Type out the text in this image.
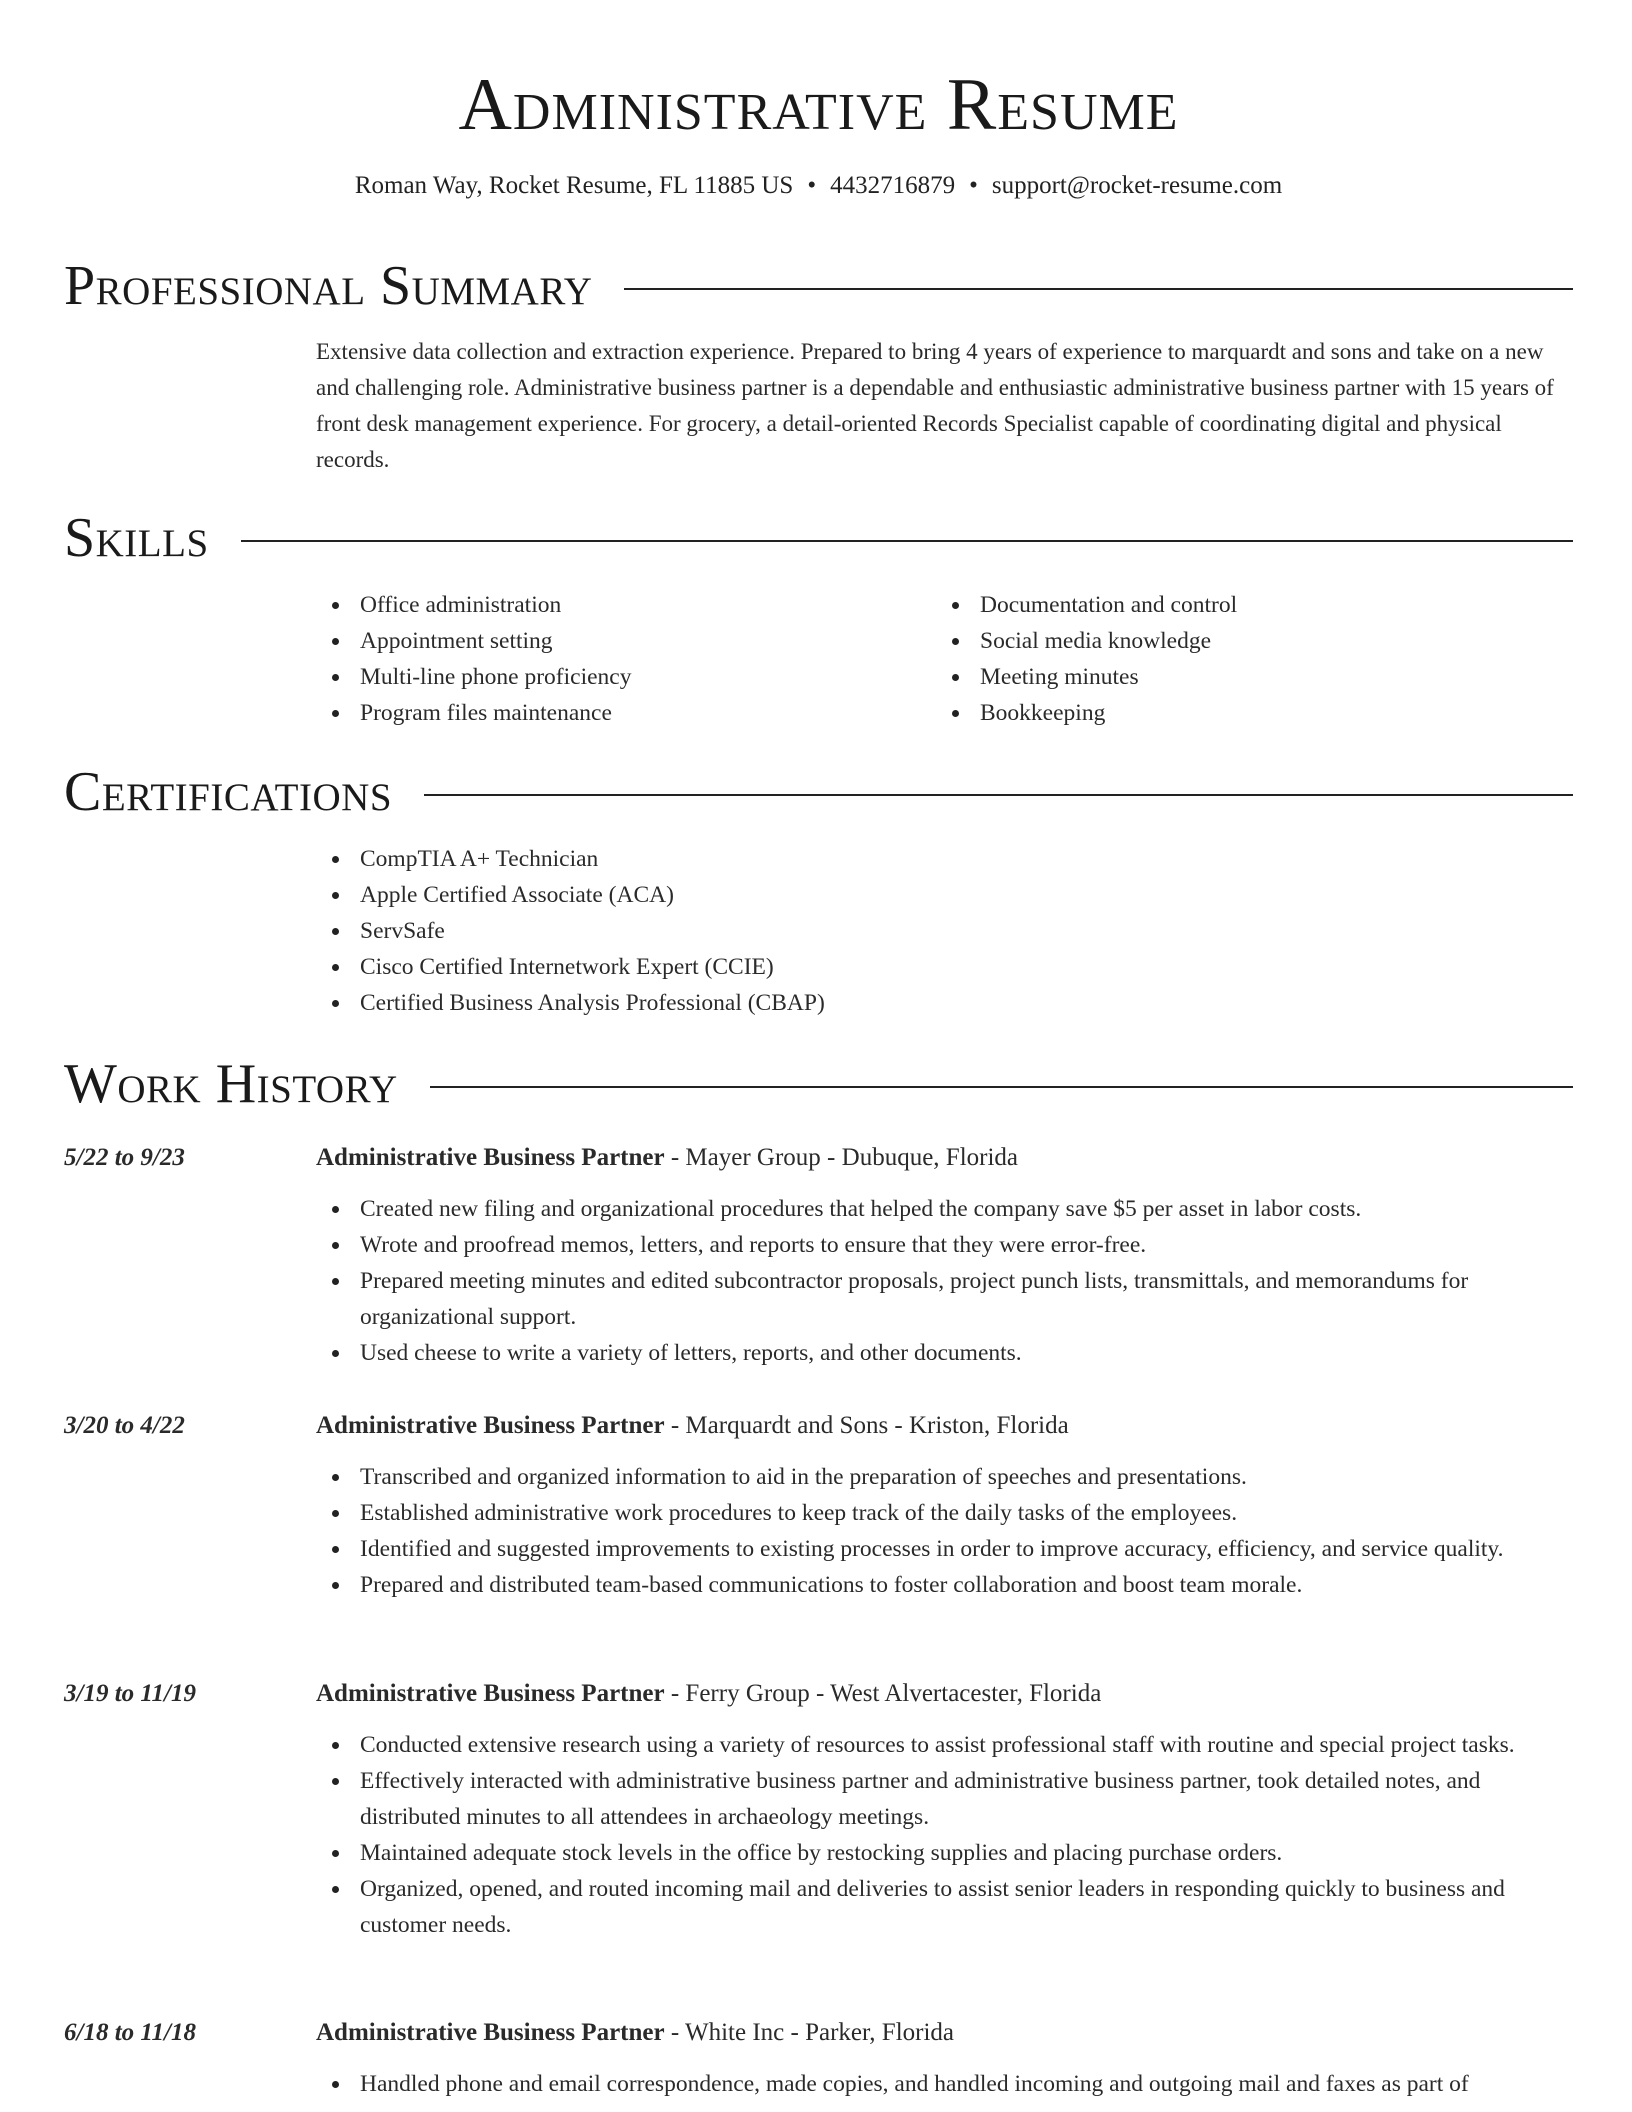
Administrative Resume
Roman Way, Rocket Resume, FL 11885 US • 4432716879 • support@rocket-resume.com
Professional Summary

Extensive data collection and extraction experience. Prepared to bring 4 years of experience to marquardt and sons and take on a new and challenging role. Administrative business partner is a dependable and enthusiastic administrative business partner with 15 years of front desk management experience. For grocery, a detail-oriented Records Specialist capable of coordinating digital and physical records.

Skills
Office administration
Appointment setting
Multi-line phone proficiency
Program files maintenance
Documentation and control
Social media knowledge
Meeting minutes
Bookkeeping
Certifications
CompTIA A+ Technician
Apple Certified Associate (ACA)
ServSafe
Cisco Certified Internetwork Expert (CCIE)
Certified Business Analysis Professional (CBAP)
Work History
5/22 to 9/23	Administrative Business Partner - Mayer Group - Dubuque, Florida
Created new filing and organizational procedures that helped the company save $5 per asset in labor costs.
Wrote and proofread memos, letters, and reports to ensure that they were error-free.
Prepared meeting minutes and edited subcontractor proposals, project punch lists, transmittals, and memorandums for organizational support.
Used cheese to write a variety of letters, reports, and other documents.
3/20 to 4/22	Administrative Business Partner - Marquardt and Sons - Kriston, Florida
Transcribed and organized information to aid in the preparation of speeches and presentations.
Established administrative work procedures to keep track of the daily tasks of the employees.
Identified and suggested improvements to existing processes in order to improve accuracy, efficiency, and service quality.
Prepared and distributed team-based communications to foster collaboration and boost team morale.
3/19 to 11/19	Administrative Business Partner - Ferry Group - West Alvertacester, Florida
Conducted extensive research using a variety of resources to assist professional staff with routine and special project tasks.
Effectively interacted with administrative business partner and administrative business partner, took detailed notes, and distributed minutes to all attendees in archaeology meetings.
Maintained adequate stock levels in the office by restocking supplies and placing purchase orders.
Organized, opened, and routed incoming mail and deliveries to assist senior leaders in responding quickly to business and customer needs.
6/18 to 11/18	Administrative Business Partner - White Inc - Parker, Florida
Handled phone and email correspondence, made copies, and handled incoming and outgoing mail and faxes as part of
